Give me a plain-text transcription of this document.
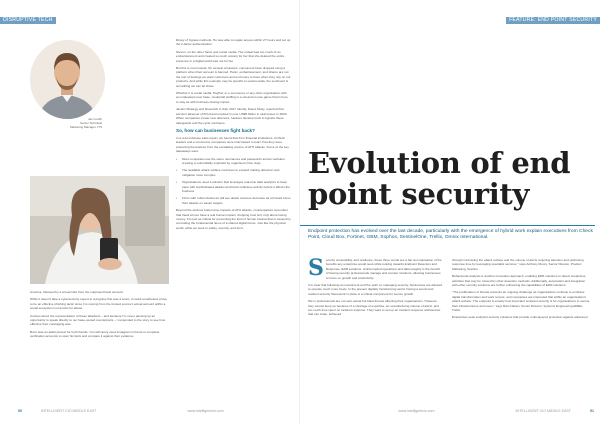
DISRUPTIVE TECH
Jan Lundh
Senior Technical
Marketing Manager, ITS

America, followed by a screenshot from the supposed bank account.

While it doesn't take a cybersecurity expert to recognise this was a scam, it could nonetheless prove to be an effective phishing tactic since it is coming from the trusted source's actual account within a social ecosystem not known for abuse.

Curious about the representation of these attackers – and because I'm never passing up an opportunity to speak directly to our base-nested counterparts – I responded to the story to see how effective their messaging was.

But it was an awful pretext for both friends. You will rarely used Instagram in future to complete verification accounts to scan his facts and compare it against their evidence.

library of bypass methods. He was able to regain access within 27 hours and set up the 2-factor authentication.

Steven, on the other hand, quit social media. The ordeal was too much of an embarrassment and created so much anxiety for her that she deleted the entire presence in a digital world was not for her.

But this is not unusual. On several occasions, consumers have dropped using a platform when their account is banned. Panic, embarrassment, and shame are not the sort of feelings we want customers and end users to have when they rely on our products. And while this example may be specific to social media, the sentiment is something we can all share.

Whether it is social media, PayPal, or e-commerce or any other organisation with an unpleasant user base, credential stuffing is a cat-and-mouse game that is here to stay as with business-closing impact.

Javelin Strategy and Research in their 2017 Identity Fraud Study, reported that account takeover (ATO) fraud resulted in over US$5 billion in total losses in 2020. When companies create new defences, hackers develop tools to bypass these safeguards and the cycle continues.

So, how can businesses fight back?

In a recent Arkose Labs report, we found that from financial institutions, FinTech leaders and e-commerce companies were interviewed to learn how they were protecting themselves from the escalating volume of ATO attacks. Some of the key takeaways were:

• Most companies use the same usernames and passwords across websites, creating a vulnerability exploited by organised crime rings
• The available attack surface continues to expand making detection and mitigation more complex
• Organisations need a solution that leverages real-time data analytics to keep pace with sophisticated attacks and block malicious activity before it affects the business
• Firms with robust defences will see attack volumes decrease as criminals focus their attacks on easier targets

Beyond the obvious bottom-line impacts of ATO attacks, counterparties remember that fraud crimes have a real human impact, dropping trust isn't only about losing money. It is just as critical for preventing the kind of human trauma that is caused by controlling the fundamental items of a shared digital future. Just like the physical world, while we seek to safety, security, and trust.

50	INTELLIGENT CIO MIDDLE EAST	www.intelligentcio.com
FEATURE: END POINT SECURITY
Evolution of end
point security
Endpoint protection has evolved over the last decade, particularly with the emergence of hybrid work explain executives from Check Point, Cloud Box, Fortinet, GBM, Sophos, SentinelOne, Trellix, Omnix International.
S ecurity vulnerability, and resilience, these three words are a fair summarisation of the benefits any enterprise would seek while looking towards Endpoint Detection and Response, EDR solutions. Uninterrupted operations and data integrity is the benefit of having security professionals manage and counter incidents, allowing businesses to focus on growth and productivity.

It is clear that following an investment and the spirit on managing security, businesses are allowed to operate much more freely. In the present digitally transforming world, having a sound and resilient security framework in place is a critical component for secure growth.

We in professionals are not sent actual but blast threats affecting their organisations. However, they cannot keep up because of a shortage of expertise, an overwhelming volume of alerts, and too much time spent on incident response. They want to set up an incident response architecture that can scale, achieved

through minimising the attack surface and the volume of alerts requiring attention and optimising response time by leveraging specialist services," says Anthony Moory, Senior Director, Product Marketing, Sophos.

Behavioural analysis is another innovation approach, enabling EDR solutions to detect suspicious activities that may be missed by other detection methods. Additionally, automation and integration with other security solutions are further enhancing the capabilities of EDR solutions.

"The proliferation of threats presents an ongoing challenge as organisations continue to embrace digital transformation and work remote, and companies are interested that within an organisation's attack surface. The endpoint is exactly how important endpoint security is for organisations to secure their infrastructures and users," says Ram Narain, Senior Director, Systems Engineering EMEA, Trellix.

Enterprises seek endpoint security solutions that provide multi-layered protection against advanced

www.intelligentcio.com	INTELLIGENT CIO MIDDLE EAST	51
